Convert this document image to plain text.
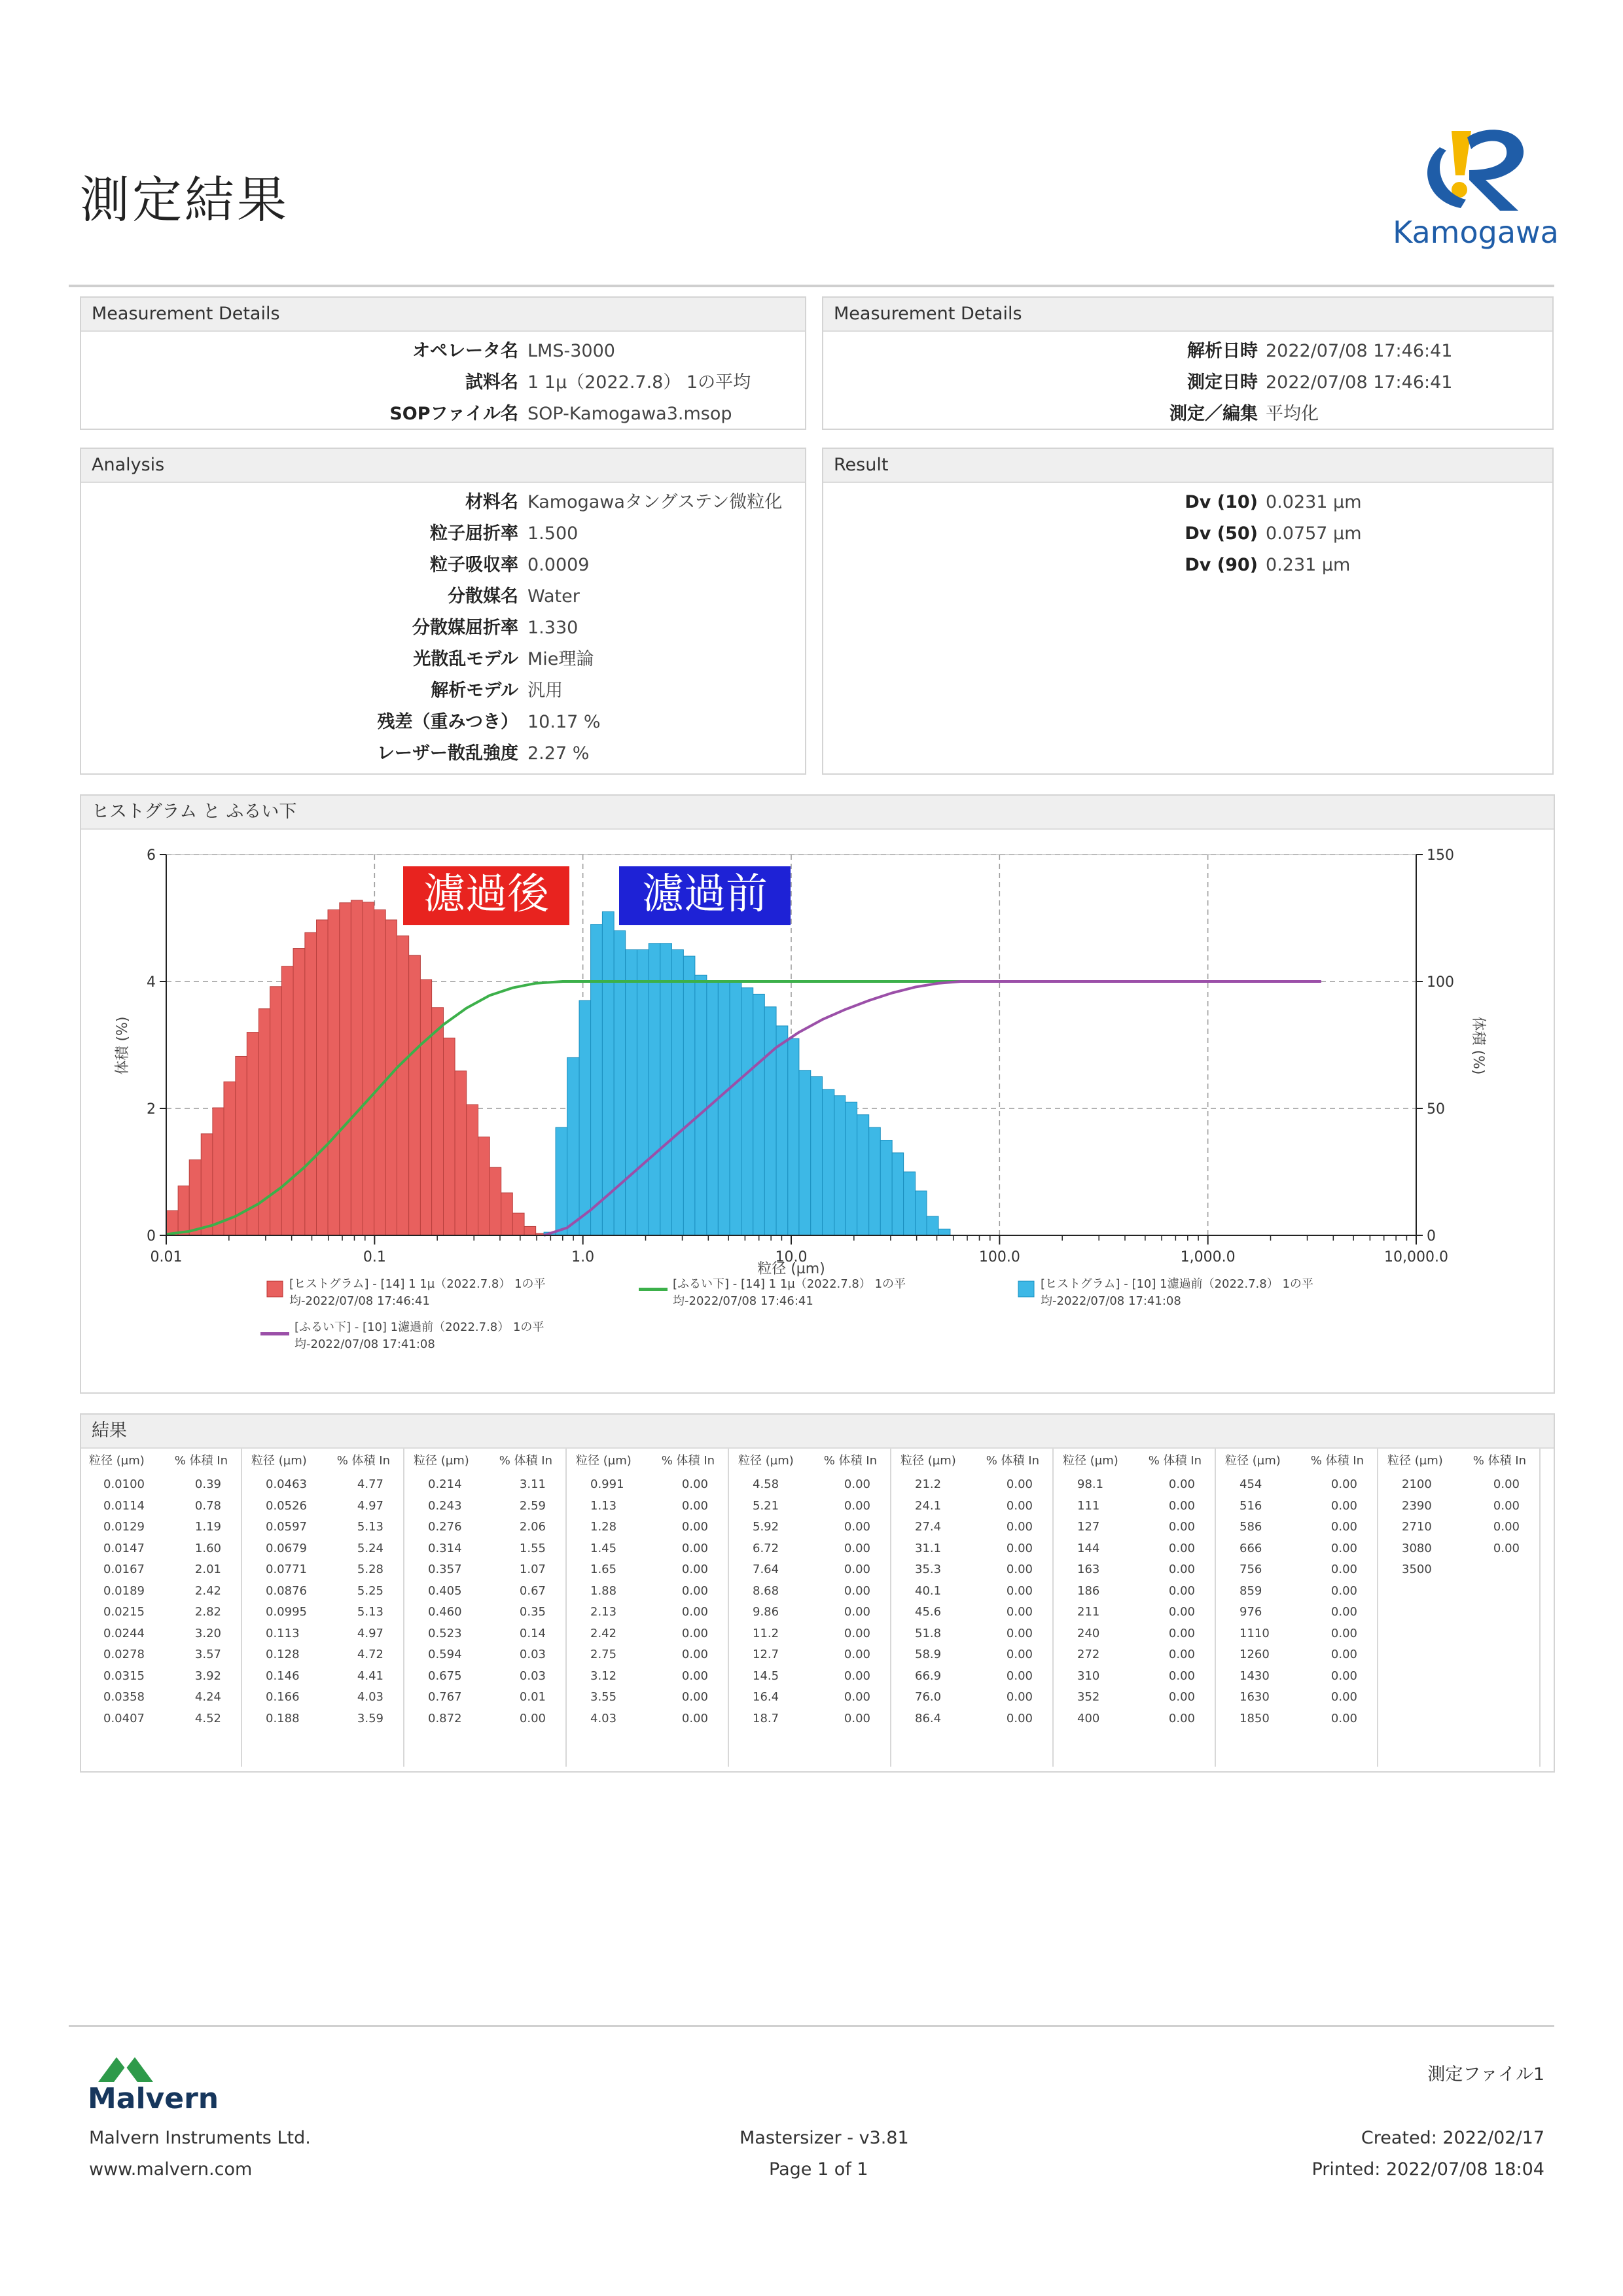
測定結果
Kamogawa
Measurement Details
オペレータ名 LMS-3000
試料名 1 1µ（2022.7.8） 1の平均
SOPファイル名 SOP-Kamogawa3.msop
Measurement Details
解析日時 2022/07/08 17:46:41
測定日時 2022/07/08 17:46:41
測定／編集 平均化
Analysis
材料名 Kamogawaタングステン微粒化
粒子屈折率 1.500
粒子吸収率 0.0009
分散媒名 Water
分散媒屈折率 1.330
光散乱モデル Mie理論
解析モデル 汎用
残差（重みつき） 10.17 %
レーザー散乱強度 2.27 %
Result
Dv (10) 0.0231 µm
Dv (50) 0.0757 µm
Dv (90) 0.231 µm
ヒストグラム と ふるい下
0
2
4
6
0
50
100
150
0.01	0.1	1.0	10.0	100.0	1,000.0	10,000.0
体積 (%)	体積 (%)
粒径 (µm)
濾過後 濾過前
[ヒストグラム] - [14] 1 1µ（2022.7.8） 1の平
均-2022/07/08 17:46:41
[ふるい下] - [14] 1 1µ（2022.7.8） 1の平
均-2022/07/08 17:46:41
[ヒストグラム] - [10] 1濾過前（2022.7.8） 1の平
均-2022/07/08 17:41:08
[ふるい下] - [10] 1濾過前（2022.7.8） 1の平
均-2022/07/08 17:41:08
結果
粒径 (µm)	% 体積 In
0.0100	0.39
0.0114	0.78
0.0129	1.19
0.0147	1.60
0.0167	2.01
0.0189	2.42
0.0215	2.82
0.0244	3.20
0.0278	3.57
0.0315	3.92
0.0358	4.24
0.0407	4.52
粒径 (µm)	% 体積 In
0.0463	4.77
0.0526	4.97
0.0597	5.13
0.0679	5.24
0.0771	5.28
0.0876	5.25
0.0995	5.13
0.113	4.97
0.128	4.72
0.146	4.41
0.166	4.03
0.188	3.59
粒径 (µm)	% 体積 In
0.214	3.11
0.243	2.59
0.276	2.06
0.314	1.55
0.357	1.07
0.405	0.67
0.460	0.35
0.523	0.14
0.594	0.03
0.675	0.03
0.767	0.01
0.872	0.00
粒径 (µm)	% 体積 In
0.991	0.00
1.13	0.00
1.28	0.00
1.45	0.00
1.65	0.00
1.88	0.00
2.13	0.00
2.42	0.00
2.75	0.00
3.12	0.00
3.55	0.00
4.03	0.00
粒径 (µm)	% 体積 In
4.58	0.00
5.21	0.00
5.92	0.00
6.72	0.00
7.64	0.00
8.68	0.00
9.86	0.00
11.2	0.00
12.7	0.00
14.5	0.00
16.4	0.00
18.7	0.00
粒径 (µm)	% 体積 In
21.2	0.00
24.1	0.00
27.4	0.00
31.1	0.00
35.3	0.00
40.1	0.00
45.6	0.00
51.8	0.00
58.9	0.00
66.9	0.00
76.0	0.00
86.4	0.00
粒径 (µm)	% 体積 In
98.1	0.00
111	0.00
127	0.00
144	0.00
163	0.00
186	0.00
211	0.00
240	0.00
272	0.00
310	0.00
352	0.00
400	0.00
粒径 (µm)	% 体積 In
454	0.00
516	0.00
586	0.00
666	0.00
756	0.00
859	0.00
976	0.00
1110	0.00
1260	0.00
1430	0.00
1630	0.00
1850	0.00
粒径 (µm)	% 体積 In
2100	0.00
2390	0.00
2710	0.00
3080	0.00
3500
Malvern
測定ファイル1
Malvern Instruments Ltd.
www.malvern.com
Mastersizer - v3.81
Page 1 of 1
Created: 2022/02/17
Printed: 2022/07/08 18:04
